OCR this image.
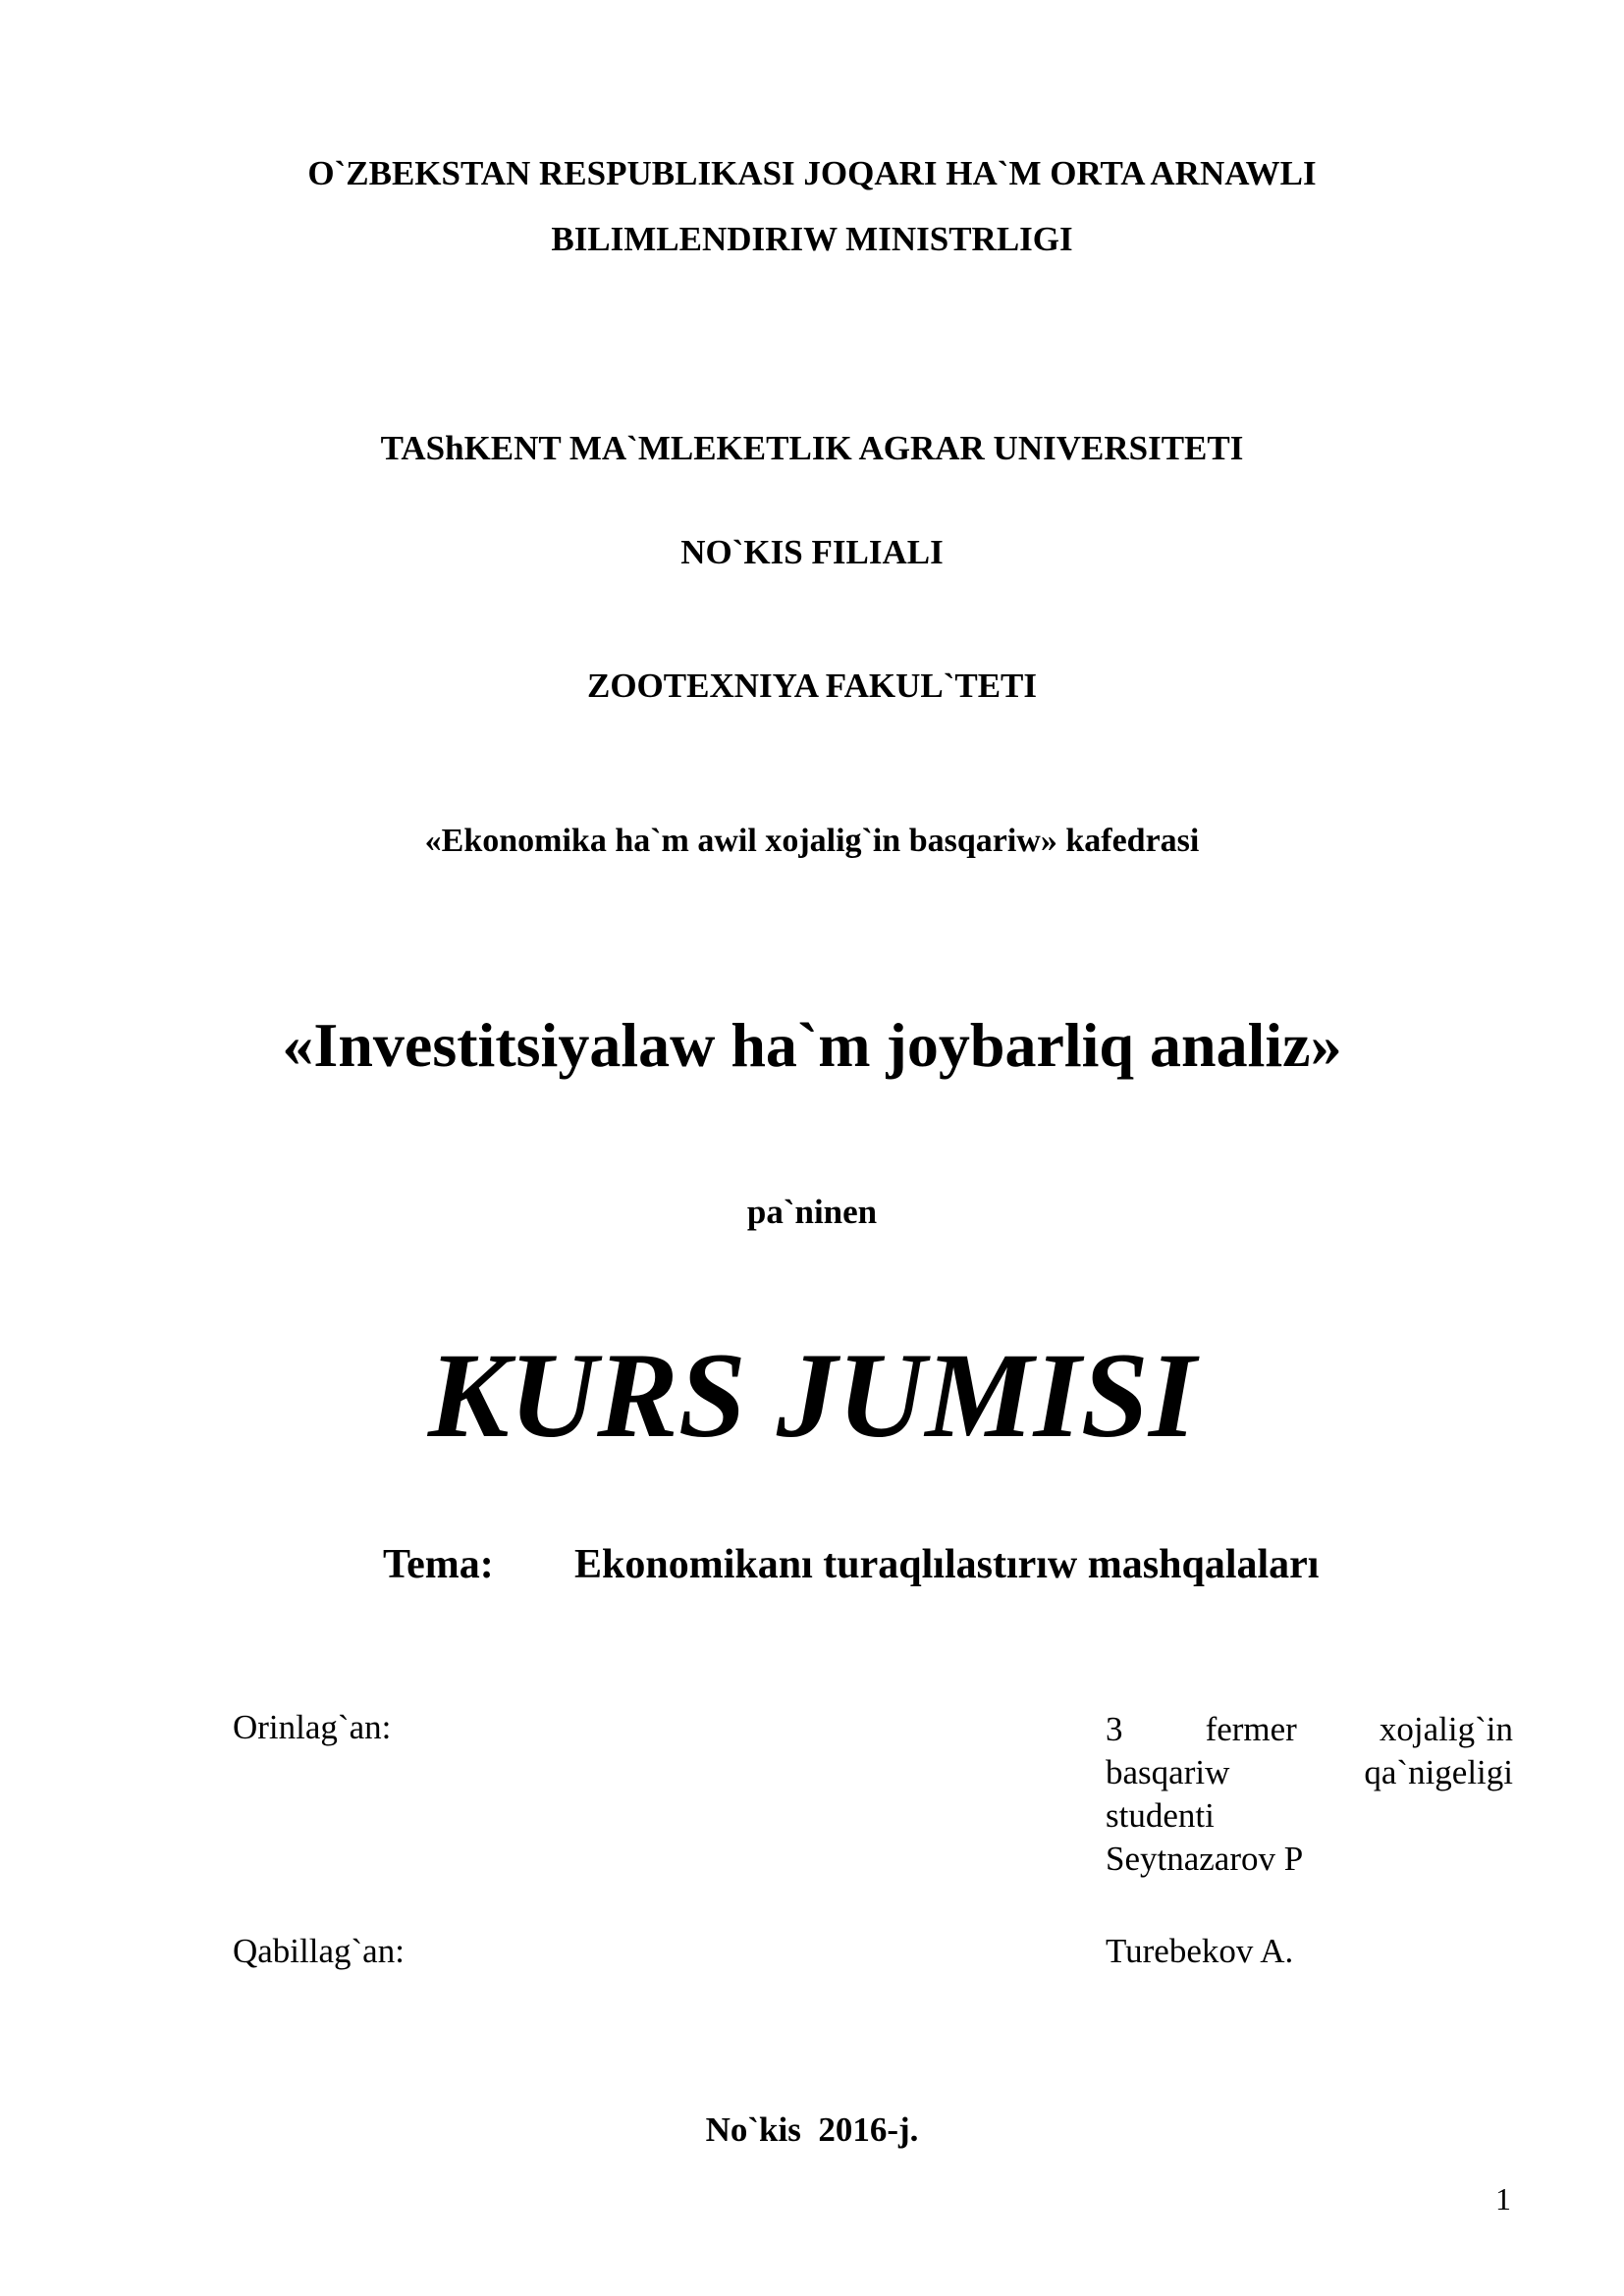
O`ZBEKSTAN RESPUBLIKASI JOQARI HA`M ORTA ARNAWLI
BILIMLENDIRIW MINISTRLIGI
TAShKENT MA`MLEKETLIK AGRAR UNIVERSITETI
NO`KIS FILIALI
ZOOTEXNIYA FAKUL`TETI
«Ekonomika ha`m awil xojalig`in basqariw» kafedrasi
«Investitsiyalaw ha`m joybarliq analiz»
pa`ninen
KURS JUMISI
Tema: Ekonomikanı turaqlılastırıw mashqalaları
Orinlag`an:	3 fermer xojalig`in
basqariw qa`nigeligi
studenti
Seytnazarov P
Qabillag`an:	Turebekov A.
No`kis  2016-j.
1
